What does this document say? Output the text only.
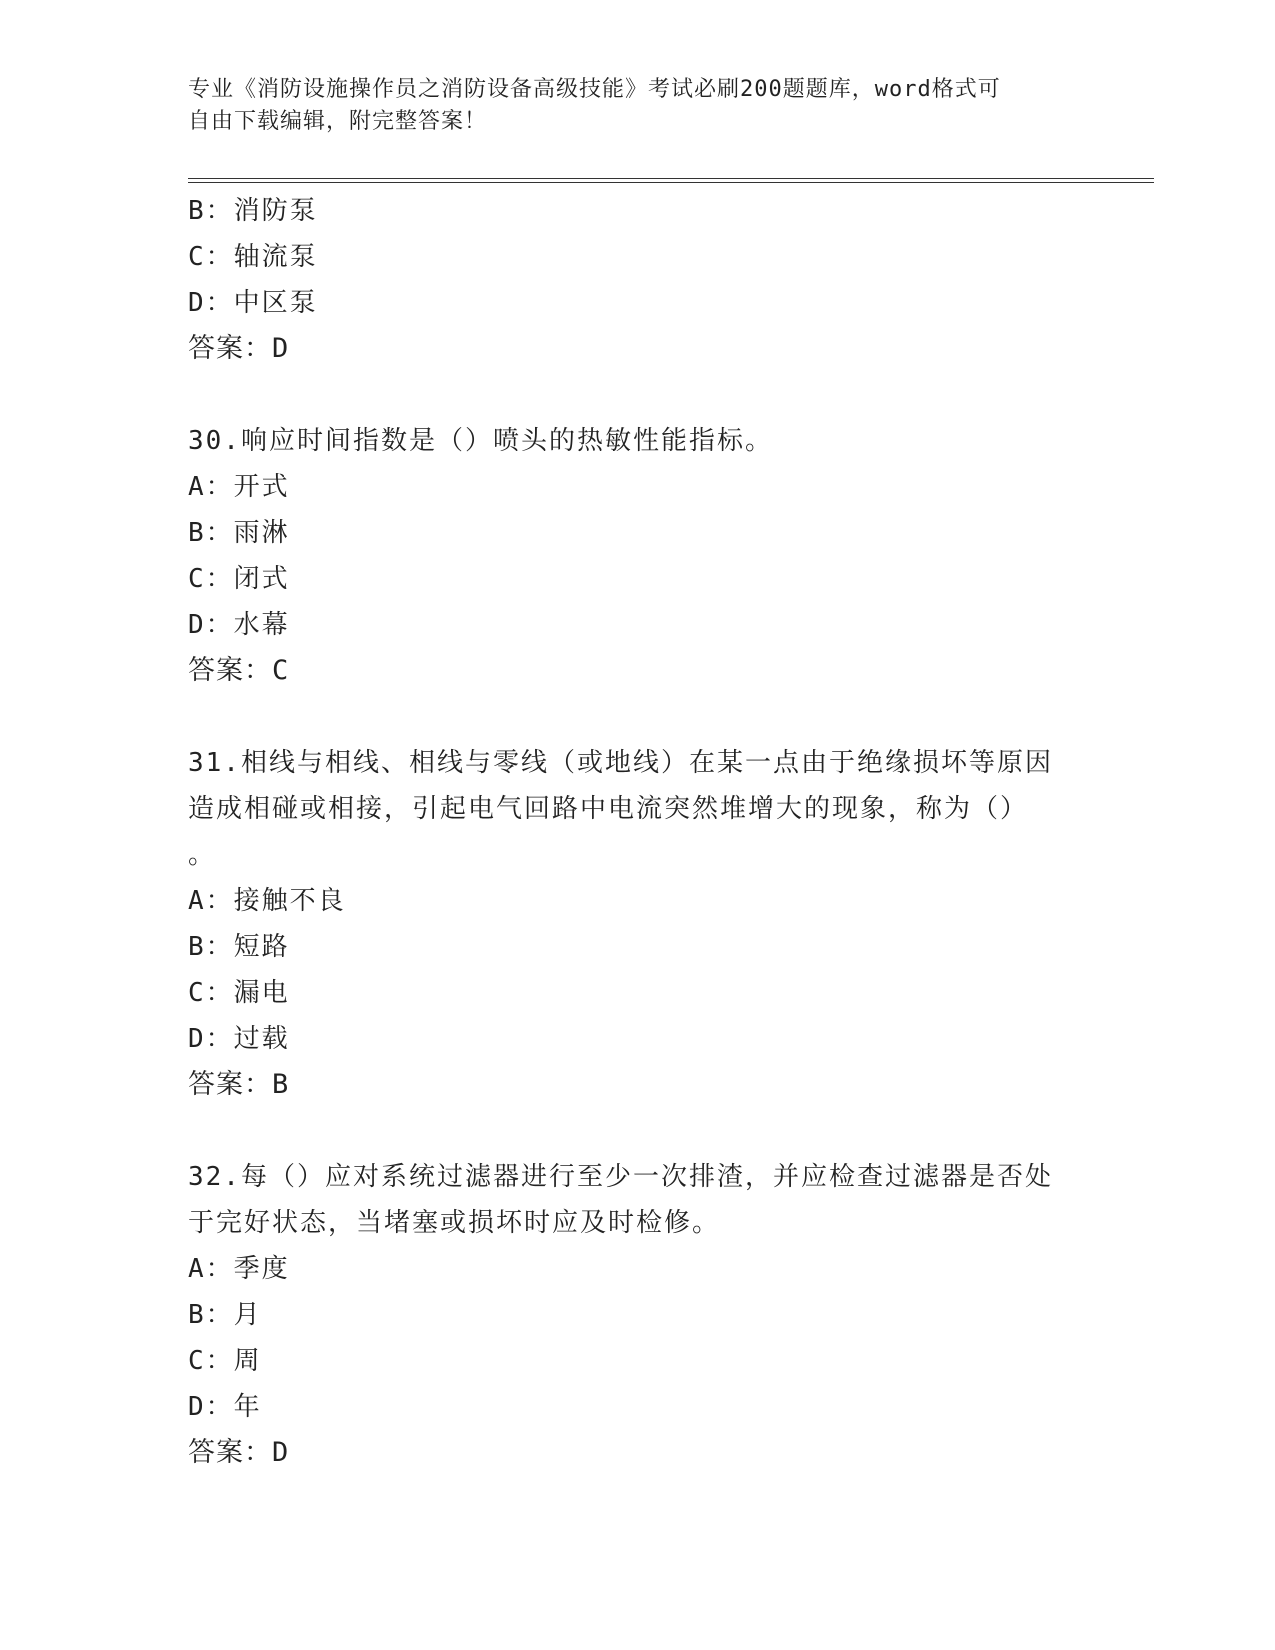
专业《消防设施操作员之消防设备高级技能》考试必刷200题题库，word格式可
自由下载编辑，附完整答案！
B：消防泵
C：轴流泵
D：中区泵
答案：D
30.响应时间指数是（）喷头的热敏性能指标。
A：开式
B：雨淋
C：闭式
D：水幕
答案：C
31.相线与相线、相线与零线（或地线）在某一点由于绝缘损坏等原因
造成相碰或相接，引起电气回路中电流突然堆增大的现象，称为（）
。
A：接触不良
B：短路
C：漏电
D：过载
答案：B
32.每（）应对系统过滤器进行至少一次排渣，并应检查过滤器是否处
于完好状态，当堵塞或损坏时应及时检修。
A：季度
B：月
C：周
D：年
答案：D
